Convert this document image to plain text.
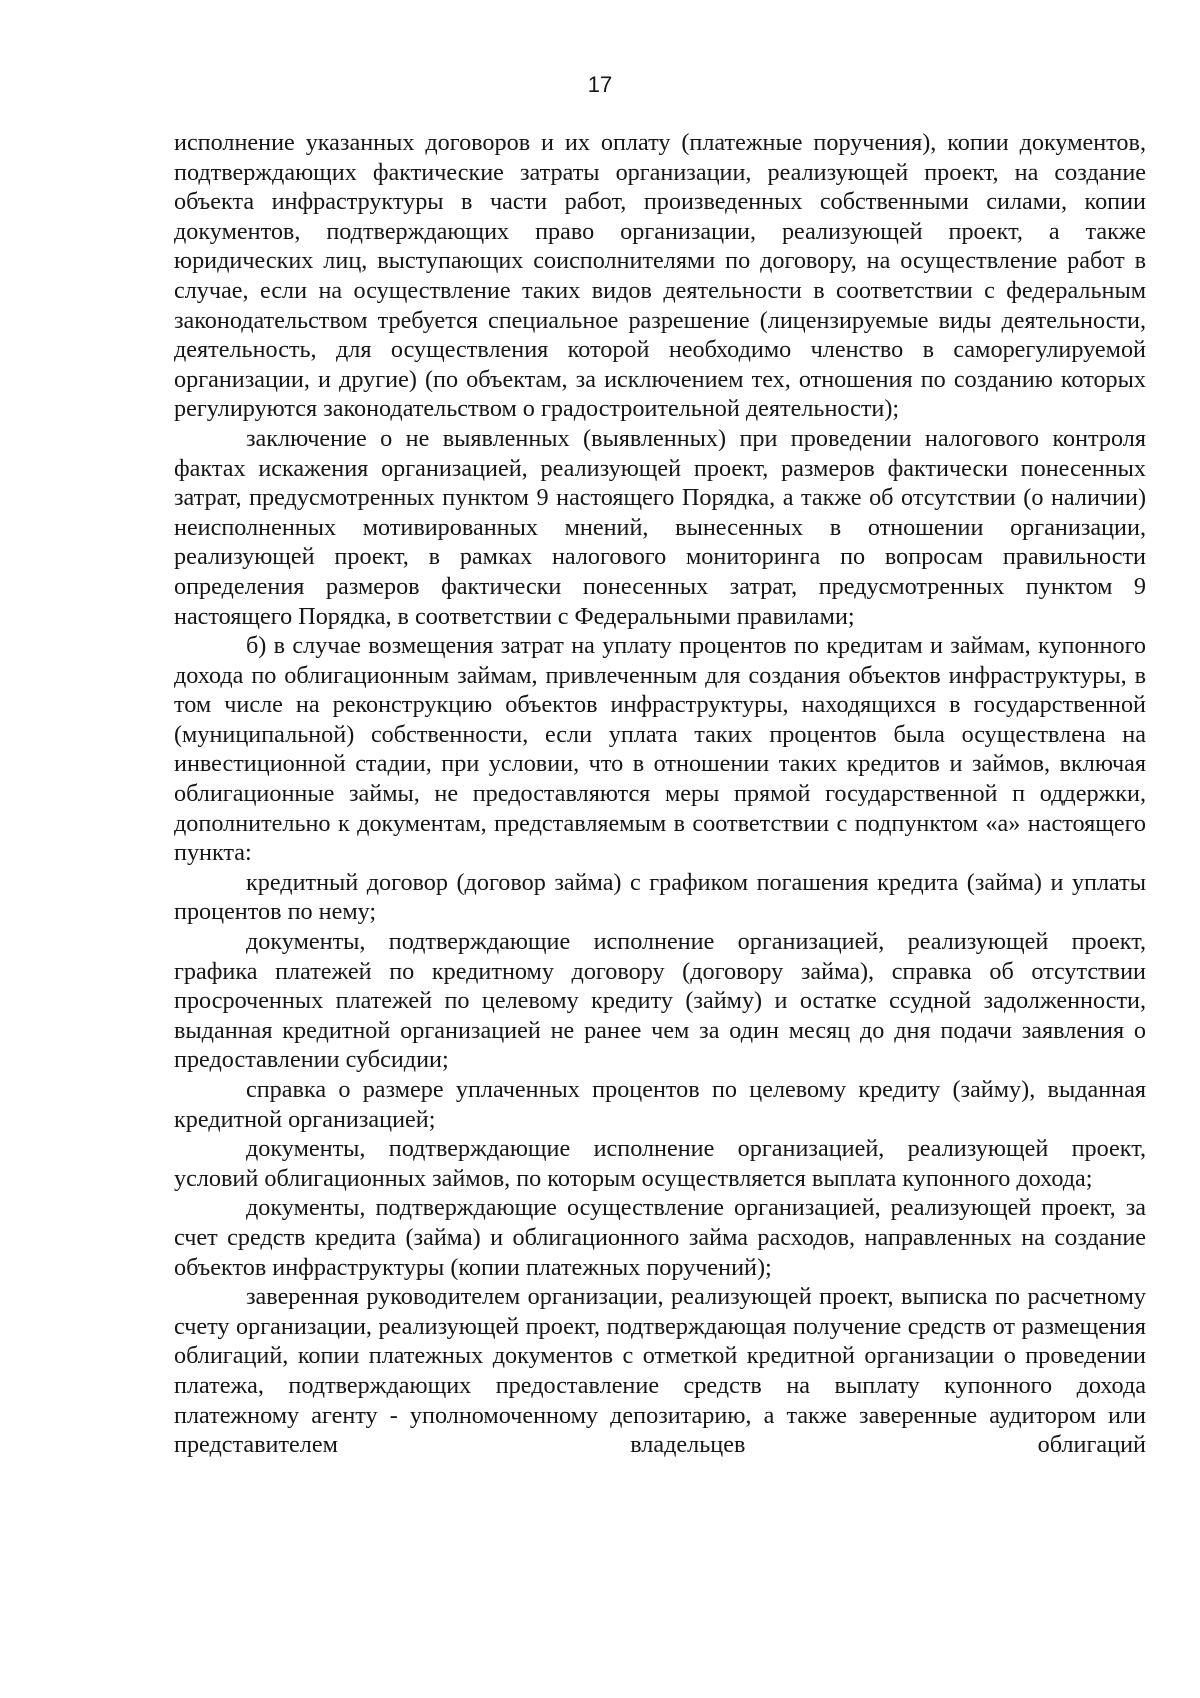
17

исполнение указанных договоров и их оплату (платежные поручения), копии документов, подтверждающих фактические затраты организации, реализующей проект, на создание объекта инфраструктуры в части работ, произведенных собственными силами, копии документов, подтверждающих право организации, реализующей проект, а также юридических лиц, выступающих соисполнителями по договору, на осуществление работ в случае, если на осуществление таких видов деятельности в соответствии с федеральным законодательством требуется специальное разрешение (лицензируемые виды деятельности, деятельность, для осуществления которой необходимо членство в саморегулируемой организации, и другие) (по объектам, за исключением тех, отношения по созданию которых регулируются законодательством о градостроительной деятельности);

заключение о не выявленных (выявленных) при проведении налогового контроля фактах искажения организацией, реализующей проект, размеров фактически понесенных затрат, предусмотренных пунктом 9 настоящего Порядка, а также об отсутствии (о наличии) неисполненных мотивированных мнений, вынесенных в отношении организации, реализующей проект, в рамках налогового мониторинга по вопросам правильности определения размеров фактически понесенных затрат, предусмотренных пунктом 9 настоящего Порядка, в соответствии с Федеральными правилами;

б) в случае возмещения затрат на уплату процентов по кредитам и займам, купонного дохода по облигационным займам, привлеченным для создания объектов инфраструктуры, в том числе на реконструкцию объектов инфраструктуры, находящихся в государственной (муниципальной) собственности, если уплата таких процентов была осуществлена на инвестиционной стадии, при условии, что в отношении таких кредитов и займов, включая облигационные займы, не предоставляются меры прямой государственной п оддержки, дополнительно к документам, представляемым в соответствии с подпунктом «а» настоящего пункта:

кредитный договор (договор займа) с графиком погашения кредита (займа) и уплаты процентов по нему;

документы, подтверждающие исполнение организацией, реализующей проект, графика платежей по кредитному договору (договору займа), справка об отсутствии просроченных платежей по целевому кредиту (займу) и остатке ссудной задолженности, выданная кредитной организацией не ранее чем за один месяц до дня подачи заявления о предоставлении субсидии;

справка о размере уплаченных процентов по целевому кредиту (займу), выданная кредитной организацией;

документы, подтверждающие исполнение организацией, реализующей проект, условий облигационных займов, по которым осуществляется выплата купонного дохода;

документы, подтверждающие осуществление организацией, реализующей проект, за счет средств кредита (займа) и облигационного займа расходов, направленных на создание объектов инфраструктуры (копии платежных поручений);

заверенная руководителем организации, реализующей проект, выписка по расчетному счету организации, реализующей проект, подтверждающая получение средств от размещения облигаций, копии платежных документов с отметкой кредитной организации о проведении платежа, подтверждающих предоставление средств на выплату купонного дохода платежному агенту - уполномоченному депозитарию, а также заверенные аудитором или представителем владельцев облигаций
